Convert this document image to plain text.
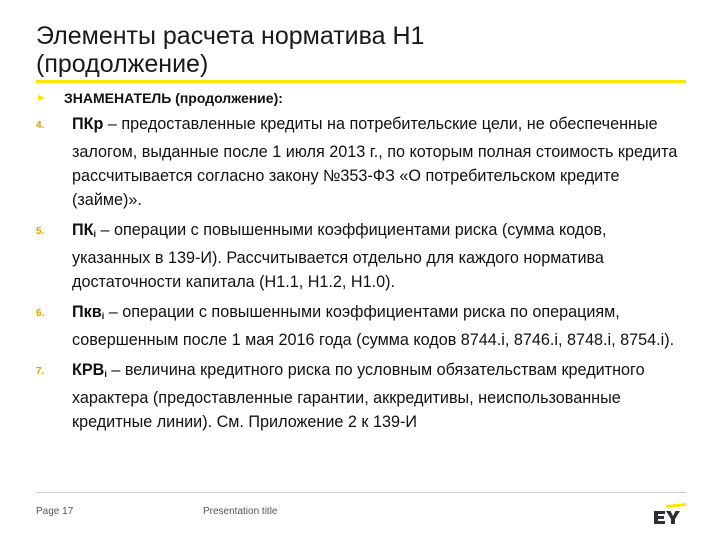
Элементы расчета норматива Н1
(продолжение)
►	ЗНАМЕНАТЕЛЬ (продолжение):
4.	ПКр – предоставленные кредиты на потребительские цели, не обеспеченные залогом, выданные после 1 июля 2013 г., по которым полная стоимость кредита рассчитывается согласно закону №353-ФЗ «О потребительском кредите (займе)».
5.	$ПК_i$ – операции с повышенными коэффициентами риска (сумма кодов, указанных в 139-И). Рассчитывается отдельно для каждого норматива достаточности капитала (Н1.1, Н1.2, Н1.0).
6.	Пкв$_i$ – операции с повышенными коэффициентами риска по операциям, совершенным после 1 мая 2016 года (сумма кодов 8744.i, 8746.i, 8748.i, 8754.i).
7.	$КРВ_i$ – величина кредитного риска по условным обязательствам кредитного характера (предоставленные гарантии, аккредитивы, неиспользованные кредитные линии). См. Приложение 2 к 139-И
Page 17	Presentation title
EY
